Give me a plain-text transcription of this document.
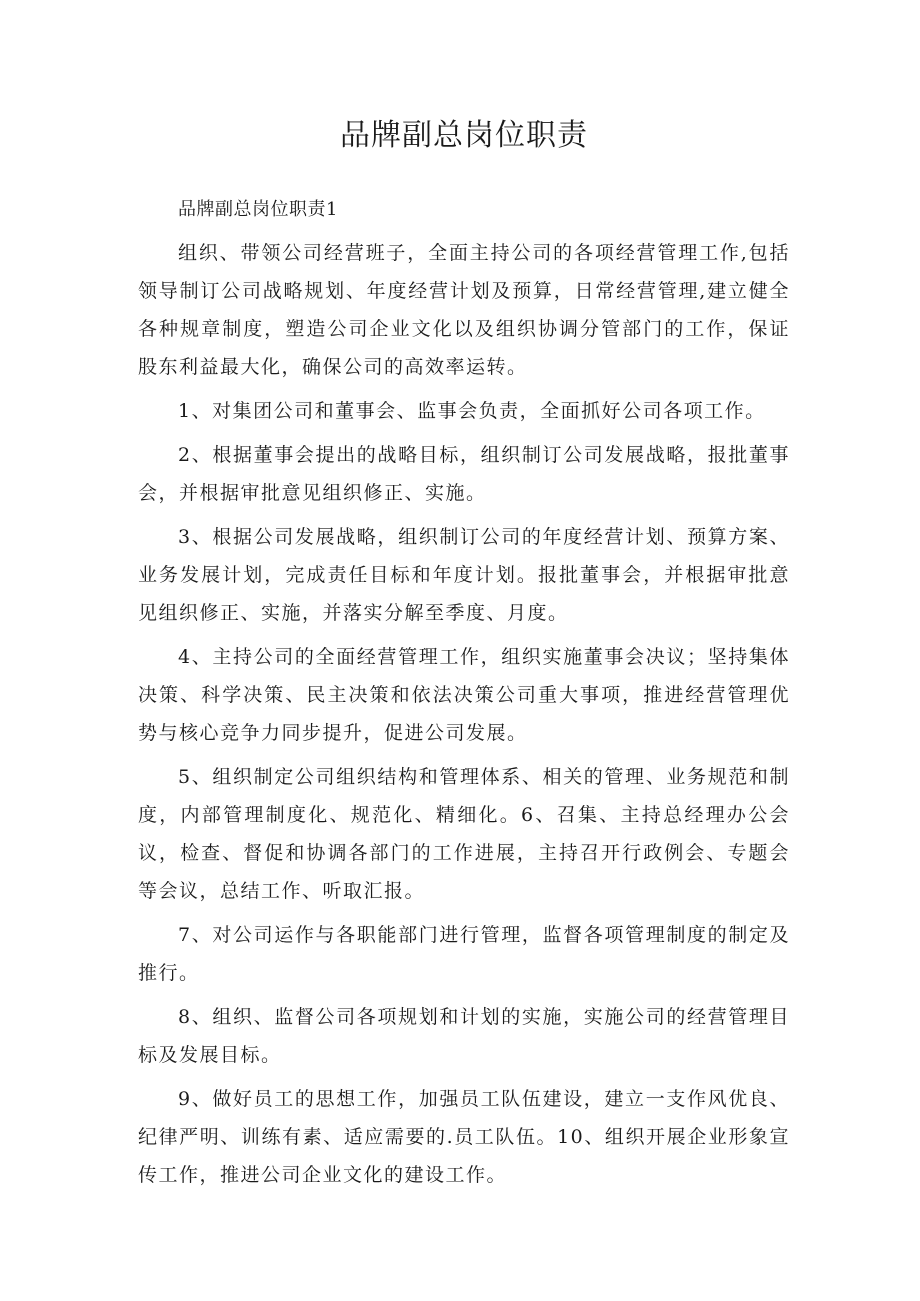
品牌副总岗位职责

品牌副总岗位职责1

组织、带领公司经营班子，全面主持公司的各项经营管理工作,包括领导制订公司战略规划、年度经营计划及预算，日常经营管理,建立健全各种规章制度，塑造公司企业文化以及组织协调分管部门的工作，保证股东利益最大化，确保公司的高效率运转。

1、对集团公司和董事会、监事会负责，全面抓好公司各项工作。

2、根据董事会提出的战略目标，组织制订公司发展战略，报批董事会，并根据审批意见组织修正、实施。

3、根据公司发展战略，组织制订公司的年度经营计划、预算方案、业务发展计划，完成责任目标和年度计划。报批董事会，并根据审批意见组织修正、实施，并落实分解至季度、月度。

4、主持公司的全面经营管理工作，组织实施董事会决议；坚持集体决策、科学决策、民主决策和依法决策公司重大事项，推进经营管理优势与核心竞争力同步提升，促进公司发展。

5、组织制定公司组织结构和管理体系、相关的管理、业务规范和制度，内部管理制度化、规范化、精细化。6、召集、主持总经理办公会议，检查、督促和协调各部门的工作进展，主持召开行政例会、专题会等会议，总结工作、听取汇报。

7、对公司运作与各职能部门进行管理，监督各项管理制度的制定及推行。

8、组织、监督公司各项规划和计划的实施，实施公司的经营管理目标及发展目标。

9、做好员工的思想工作，加强员工队伍建设，建立一支作风优良、纪律严明、训练有素、适应需要的.员工队伍。10、组织开展企业形象宣传工作，推进公司企业文化的建设工作。
